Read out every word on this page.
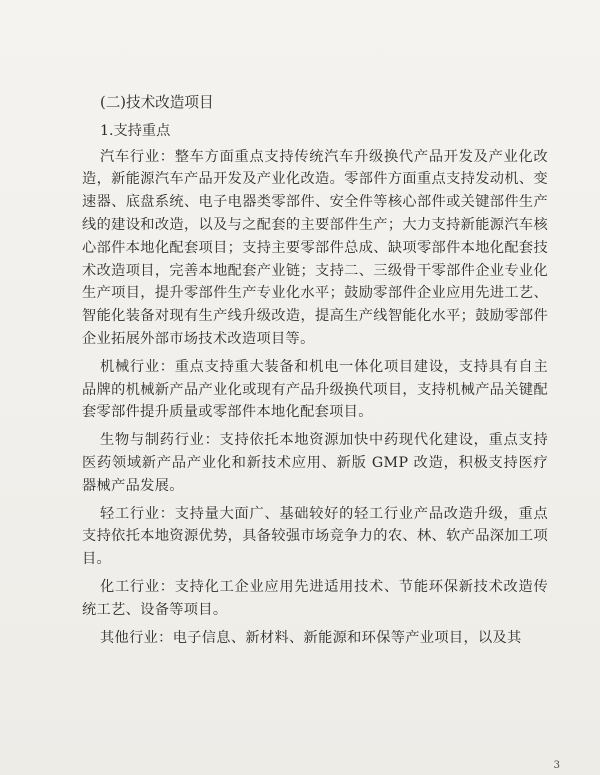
(二)技术改造项目
1.支持重点

汽车行业：整车方面重点支持传统汽车升级换代产品开发及产业化改造，新能源汽车产品开发及产业化改造。零部件方面重点支持发动机、变速器、底盘系统、电子电器类零部件、安全件等核心部件或关键部件生产线的建设和改造，以及与之配套的主要部件生产；大力支持新能源汽车核心部件本地化配套项目；支持主要零部件总成、缺项零部件本地化配套技术改造项目，完善本地配套产业链；支持二、三级骨干零部件企业专业化生产项目，提升零部件生产专业化水平；鼓励零部件企业应用先进工艺、智能化装备对现有生产线升级改造，提高生产线智能化水平；鼓励零部件企业拓展外部市场技术改造项目等。

机械行业：重点支持重大装备和机电一体化项目建设，支持具有自主品牌的机械新产品产业化或现有产品升级换代项目，支持机械产品关键配套零部件提升质量或零部件本地化配套项目。

生物与制药行业：支持依托本地资源加快中药现代化建设，重点支持医药领域新产品产业化和新技术应用、新版 GMP 改造，积极支持医疗器械产品发展。

轻工行业：支持量大面广、基础较好的轻工行业产品改造升级，重点支持依托本地资源优势，具备较强市场竞争力的农、林、软产品深加工项目。

化工行业：支持化工企业应用先进适用技术、节能环保新技术改造传统工艺、设备等项目。

其他行业：电子信息、新材料、新能源和环保等产业项目，以及其

3
